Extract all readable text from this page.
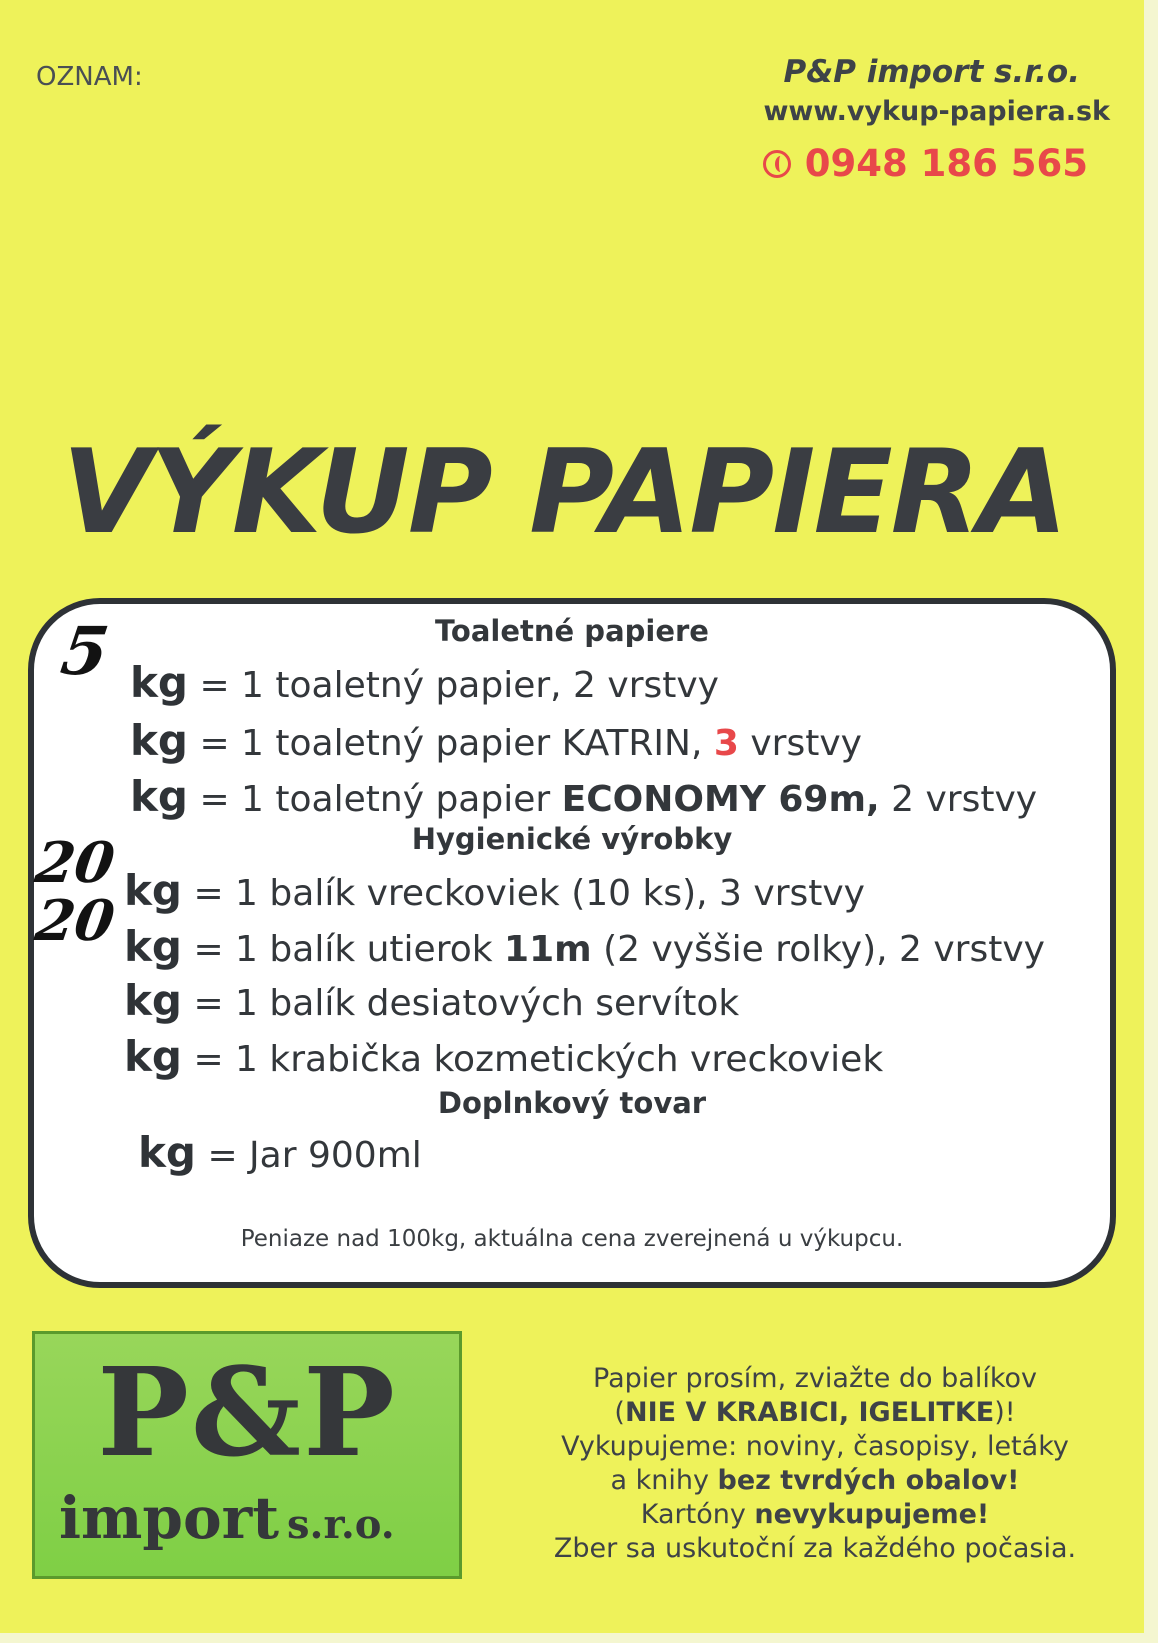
OZNAM:	P&P import s.r.o.
www.vykup-papiera.sk
0948 186 565
VÝKUP PAPIERA
Toaletné papiere
5 kg = 1 toaletný papier, 2 vrstvy
kg = 1 toaletný papier KATRIN, 3 vrstvy
kg = 1 toaletný papier ECONOMY 69m, 2 vrstvy
Hygienické výrobky
20 kg = 1 balík vreckoviek (10 ks), 3 vrstvy
20 kg = 1 balík utierok 11m (2 vyššie rolky), 2 vrstvy
kg = 1 balík desiatových servítok
kg = 1 krabička kozmetických vreckoviek
Doplnkový tovar
kg = Jar 900ml
Peniaze nad 100kg, aktuálna cena zverejnená u výkupcu.
P&P
import s.r.o.
Papier prosím, zviažte do balíkov
(NIE V KRABICI, IGELITKE)!
Vykupujeme: noviny, časopisy, letáky
a knihy bez tvrdých obalov!
Kartóny nevykupujeme!
Zber sa uskutoční za každého počasia.
